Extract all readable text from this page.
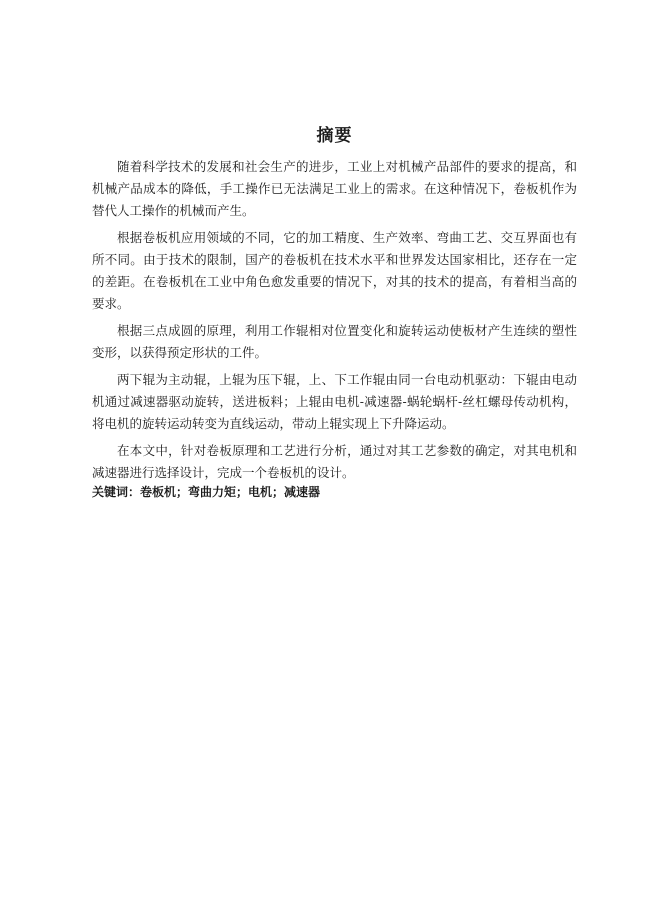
摘要

随着科学技术的发展和社会生产的进步，工业上对机械产品部件的要求的提高，和机械产品成本的降低，手工操作已无法满足工业上的需求。在这种情况下，卷板机作为替代人工操作的机械而产生。

根据卷板机应用领域的不同，它的加工精度、生产效率、弯曲工艺、交互界面也有所不同。由于技术的限制，国产的卷板机在技术水平和世界发达国家相比，还存在一定的差距。在卷板机在工业中角色愈发重要的情况下，对其的技术的提高，有着相当高的要求。

根据三点成圆的原理，利用工作辊相对位置变化和旋转运动使板材产生连续的塑性变形，以获得预定形状的工件。

两下辊为主动辊，上辊为压下辊，上、下工作辊由同一台电动机驱动：下辊由电动机通过减速器驱动旋转，送进板料；上辊由电机-减速器-蜗轮蜗杆-丝杠螺母传动机构，将电机的旋转运动转变为直线运动，带动上辊实现上下升降运动。

在本文中，针对卷板原理和工艺进行分析，通过对其工艺参数的确定，对其电机和减速器进行选择设计，完成一个卷板机的设计。

关键词：卷板机；弯曲力矩；电机；减速器
